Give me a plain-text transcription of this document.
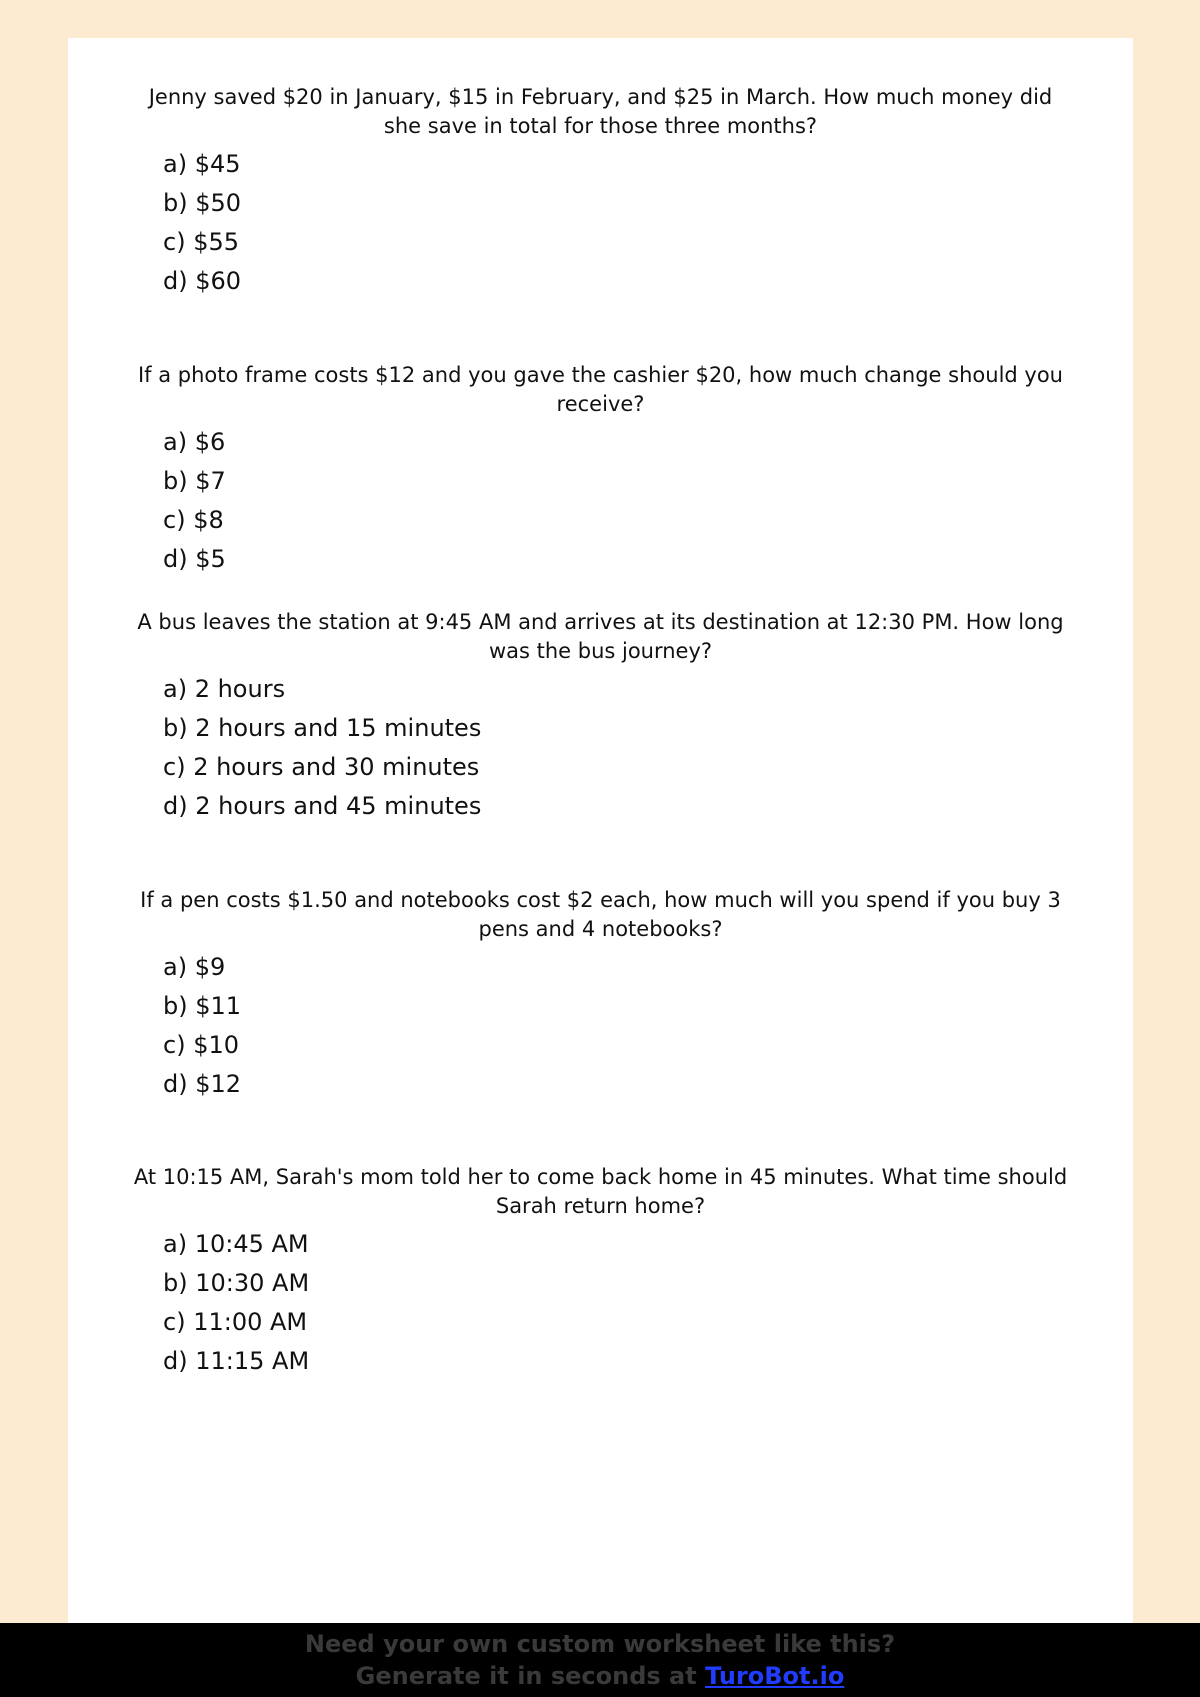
Jenny saved $20 in January, $15 in February, and $25 in March. How much money did she save in total for those three months?
a) $45
b) $50
c) $55
d) $60
If a photo frame costs $12 and you gave the cashier $20, how much change should you receive?
a) $6
b) $7
c) $8
d) $5
A bus leaves the station at 9:45 AM and arrives at its destination at 12:30 PM. How long was the bus journey?
a) 2 hours
b) 2 hours and 15 minutes
c) 2 hours and 30 minutes
d) 2 hours and 45 minutes
If a pen costs $1.50 and notebooks cost $2 each, how much will you spend if you buy 3 pens and 4 notebooks?
a) $9
b) $11
c) $10
d) $12
At 10:15 AM, Sarah's mom told her to come back home in 45 minutes. What time should Sarah return home?
a) 10:45 AM
b) 10:30 AM
c) 11:00 AM
d) 11:15 AM
Need your own custom worksheet like this?
Generate it in seconds at TuroBot.io
